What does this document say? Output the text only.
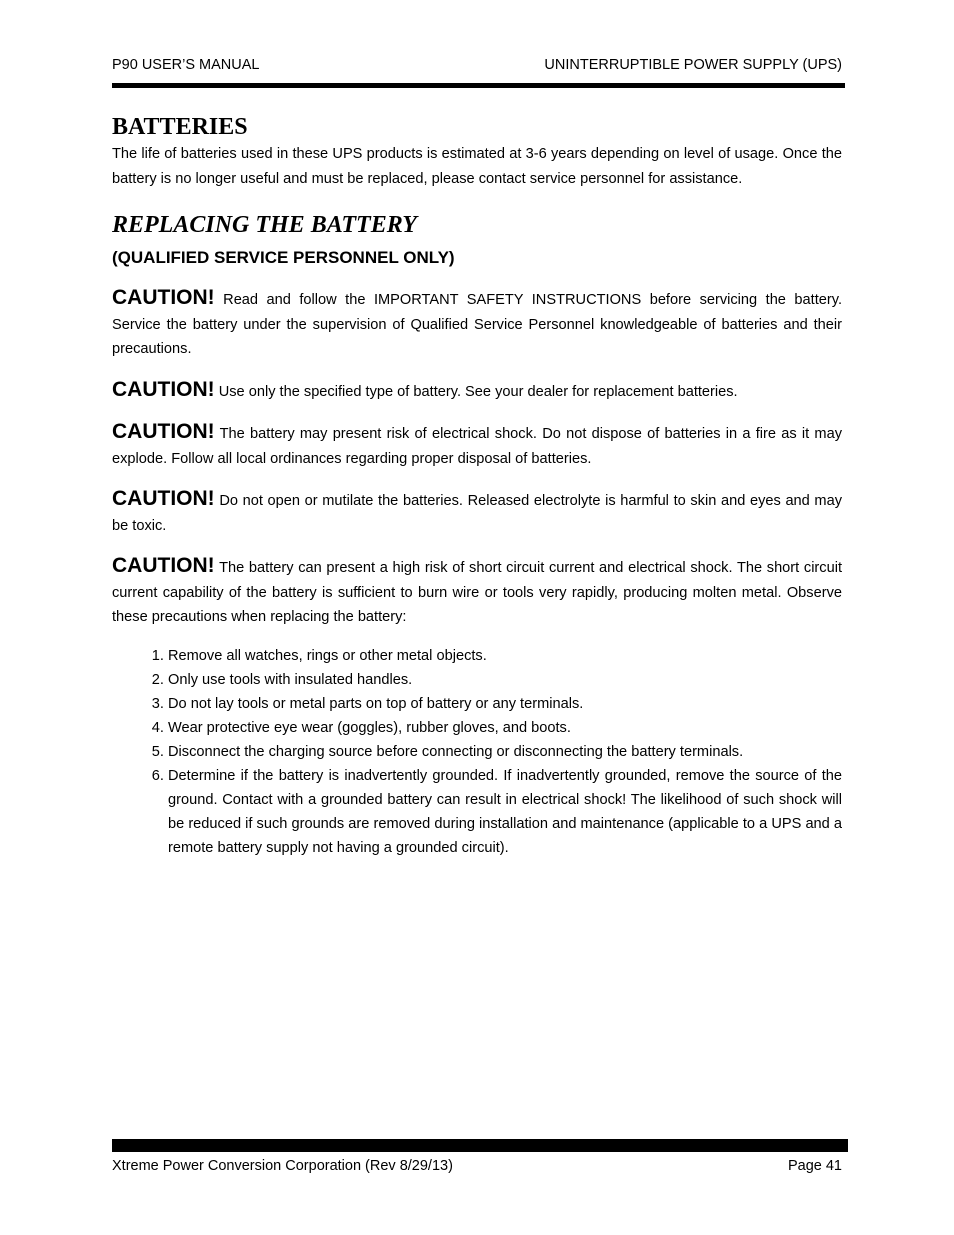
P90 USER’S MANUAL	UNINTERRUPTIBLE POWER SUPPLY (UPS)
BATTERIES

The life of batteries used in these UPS products is estimated at 3-6 years depending on level of usage. Once the battery is no longer useful and must be replaced, please contact service personnel for assistance.

REPLACING THE BATTERY
(QUALIFIED SERVICE PERSONNEL ONLY)

CAUTION! Read and follow the IMPORTANT SAFETY INSTRUCTIONS before servicing the battery. Service the battery under the supervision of Qualified Service Personnel knowledgeable of batteries and their precautions.

CAUTION! Use only the specified type of battery. See your dealer for replacement batteries.

CAUTION! The battery may present risk of electrical shock. Do not dispose of batteries in a fire as it may explode. Follow all local ordinances regarding proper disposal of batteries.

CAUTION! Do not open or mutilate the batteries. Released electrolyte is harmful to skin and eyes and may be toxic.

CAUTION! The battery can present a high risk of short circuit current and electrical shock. The short circuit current capability of the battery is sufficient to burn wire or tools very rapidly, producing molten metal. Observe these precautions when replacing the battery:

1. Remove all watches, rings or other metal objects.
2. Only use tools with insulated handles.
3. Do not lay tools or metal parts on top of battery or any terminals.
4. Wear protective eye wear (goggles), rubber gloves, and boots.
5. Disconnect the charging source before connecting or disconnecting the battery terminals.
6. Determine if the battery is inadvertently grounded. If inadvertently grounded, remove the source of the ground. Contact with a grounded battery can result in electrical shock! The likelihood of such shock will be reduced if such grounds are removed during installation and maintenance (applicable to a UPS and a remote battery supply not having a grounded circuit).
Xtreme Power Conversion Corporation (Rev 8/29/13)	Page 41
